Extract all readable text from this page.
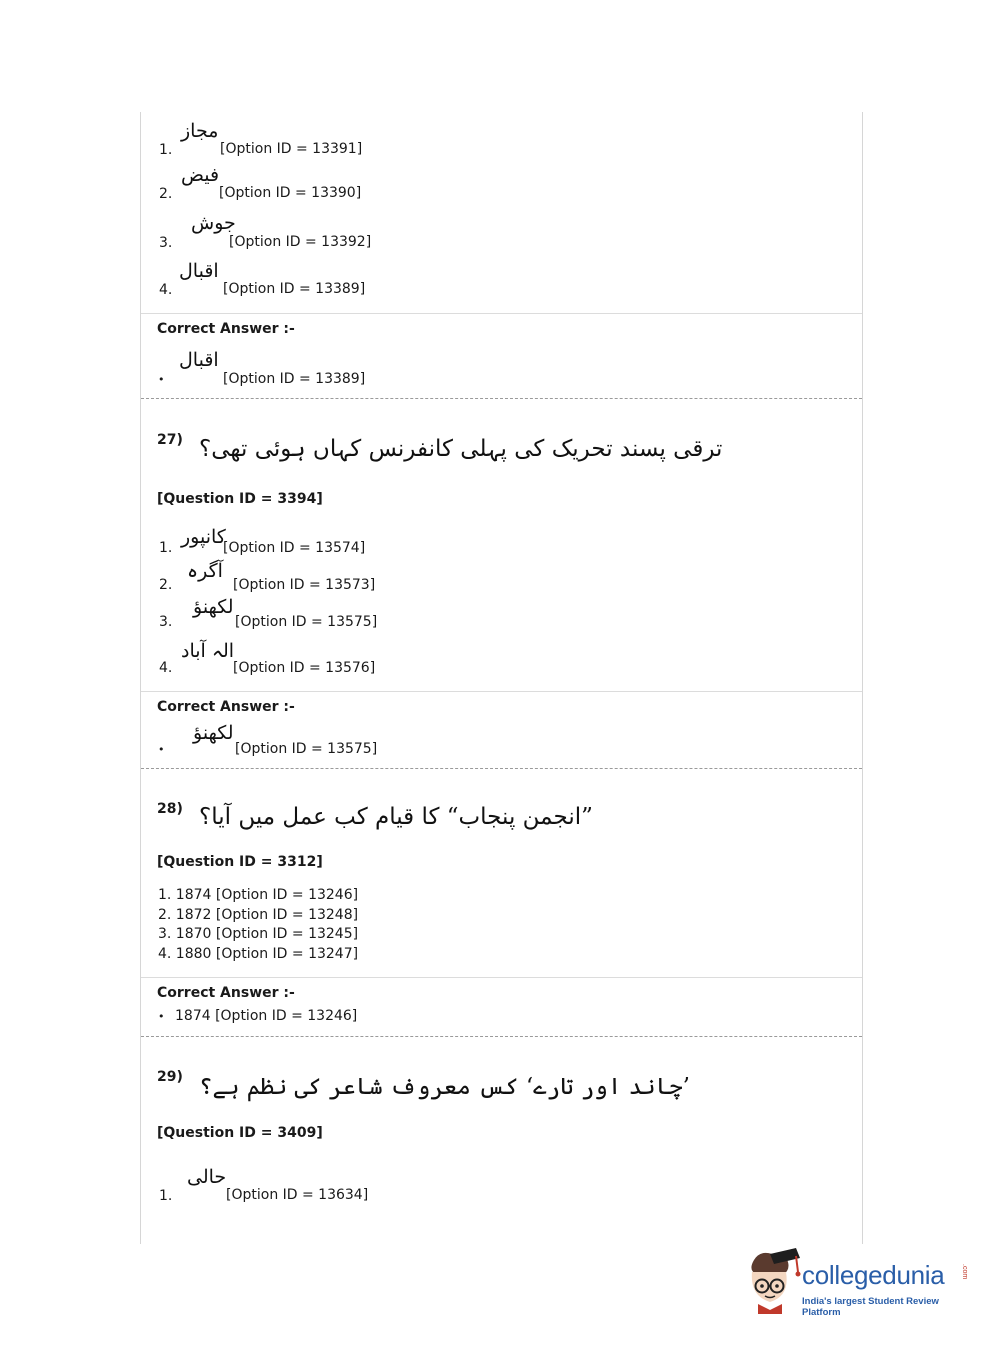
1.
مجاز
[Option ID = 13391]
2.
فیض
[Option ID = 13390]
3.
جوش
[Option ID = 13392]
4.
اقبال
[Option ID = 13389]
Correct Answer :-
•
اقبال
[Option ID = 13389]
27) ترقی پسند تحریک کی پہلی کانفرنس کہاں ہوئی تھی؟
[Question ID = 3394]
1. کانپور
[Option ID = 13574]
2.
آگرہ
[Option ID = 13573]
3.
لکھنؤ
[Option ID = 13575]
4.
الہ آباد
[Option ID = 13576]
Correct Answer :-
•
لکھنؤ
[Option ID = 13575]
28) ”انجمن پنجاب“ کا قیام کب عمل میں آیا؟
[Question ID = 3312]
1. 1874 [Option ID = 13246]
2. 1872 [Option ID = 13248]
3. 1870 [Option ID = 13245]
4. 1880 [Option ID = 13247]
Correct Answer :-
• 1874 [Option ID = 13246]
29) ’چاند اور تارے‘ کس معروف شاعر کی نظم ہے؟
[Question ID = 3409]
1.
حالی
[Option ID = 13634]
collegedunia .com
India's largest Student Review Platform
